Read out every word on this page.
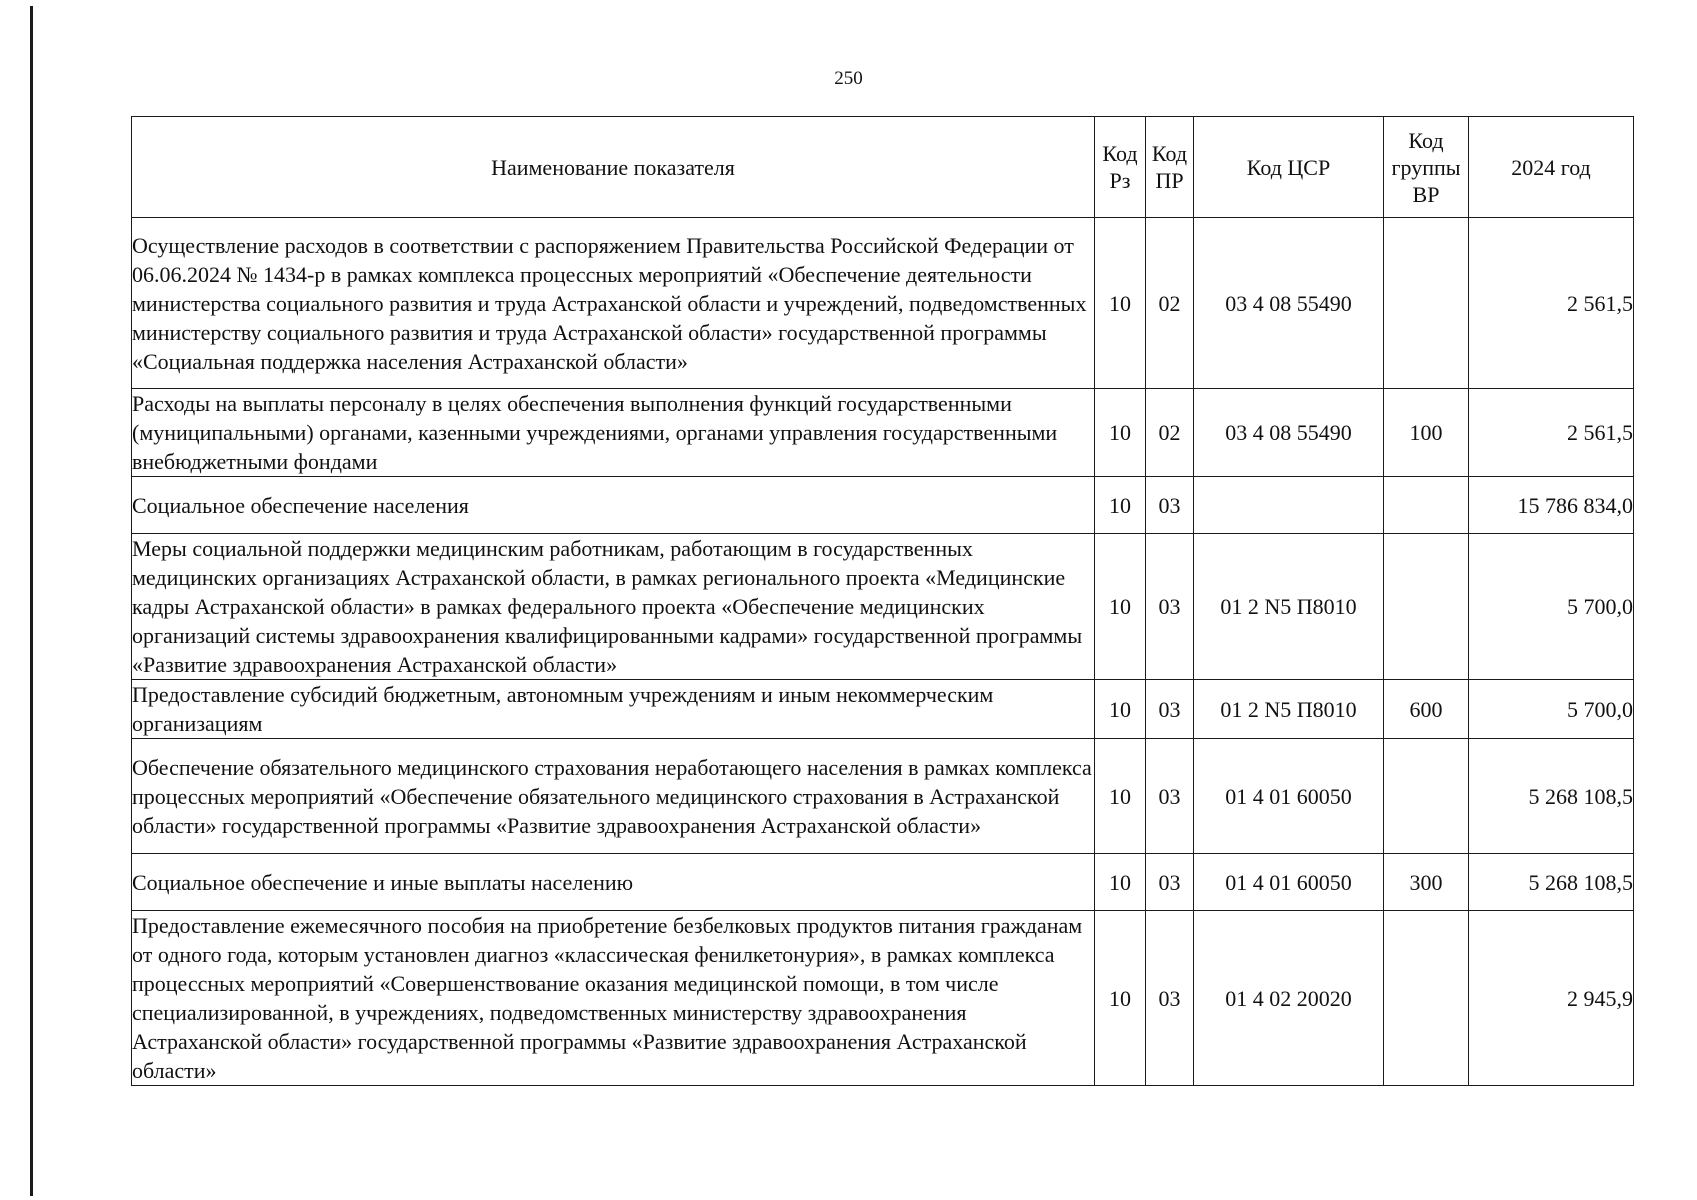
250
Наименование показателя	Код Рз	Код ПР	Код ЦСР	Код группы ВР	2024 год
Осуществление расходов в соответствии с распоряжением Правительства Российской Федерации от 06.06.2024 № 1434-р в рамках комплекса процессных мероприятий «Обеспечение деятельности министерства социального развития и труда Астраханской области и учреждений, подведомственных министерству социального развития и труда Астраханской области» государственной программы «Социальная поддержка населения Астраханской области»	10	02	03 4 08 55490		2 561,5
Расходы на выплаты персоналу в целях обеспечения выполнения функций государственными (муниципальными) органами, казенными учреждениями, органами управления государственными внебюджетными фондами	10	02	03 4 08 55490	100	2 561,5
Социальное обеспечение населения	10	03			15 786 834,0
Меры социальной поддержки медицинским работникам, работающим в государственных медицинских организациях Астраханской области, в рамках регионального проекта «Медицинские кадры Астраханской области» в рамках федерального проекта «Обеспечение медицинских организаций системы здравоохранения квалифицированными кадрами» государственной программы «Развитие здравоохранения Астраханской области»	10	03	01 2 N5 П8010		5 700,0
Предоставление субсидий бюджетным, автономным учреждениям и иным некоммерческим организациям	10	03	01 2 N5 П8010	600	5 700,0
Обеспечение обязательного медицинского страхования неработающего населения в рамках комплекса процессных мероприятий «Обеспечение обязательного медицинского страхования в Астраханской области» государственной программы «Развитие здравоохранения Астраханской области»	10	03	01 4 01 60050		5 268 108,5
Социальное обеспечение и иные выплаты населению	10	03	01 4 01 60050	300	5 268 108,5
Предоставление ежемесячного пособия на приобретение безбелковых продуктов питания гражданам от одного года, которым установлен диагноз «классическая фенилкетонурия», в рамках комплекса процессных мероприятий «Совершенствование оказания медицинской помощи, в том числе специализированной, в учреждениях, подведомственных министерству здравоохранения Астраханской области» государственной программы «Развитие здравоохранения Астраханской области»	10	03	01 4 02 20020		2 945,9
